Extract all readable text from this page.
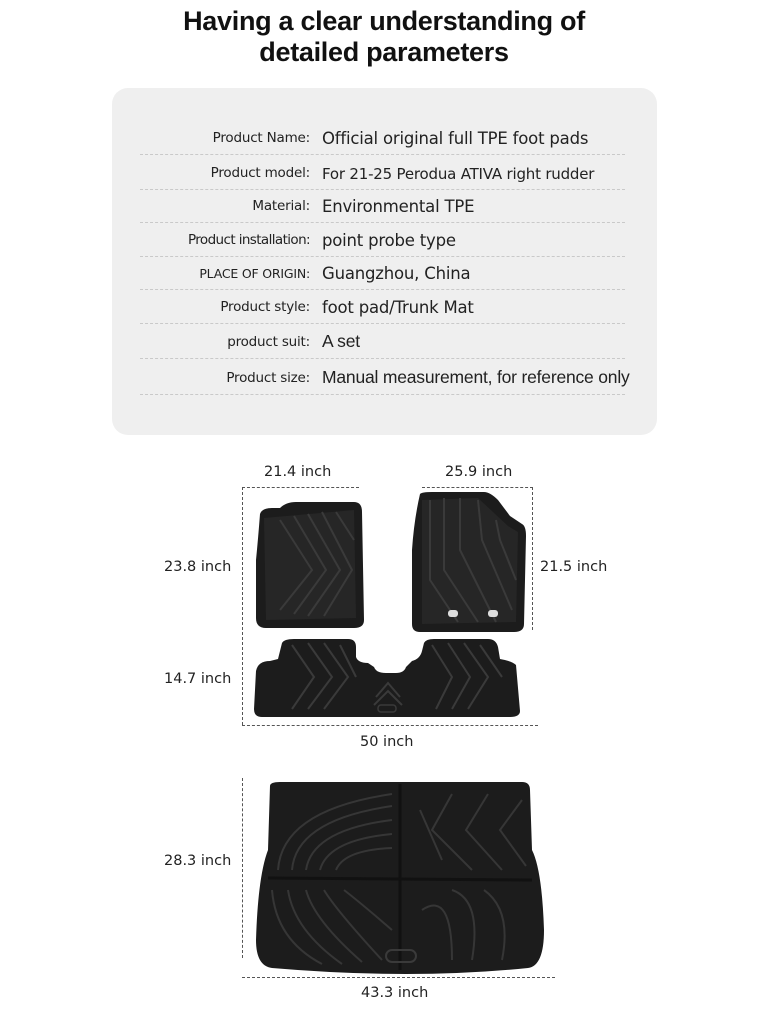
Having a clear understanding of
detailed parameters
Product Name: Official original full TPE foot pads
Product model: For 21-25 Perodua ATIVA right rudder
Material: Environmental TPE
Product installation: point probe type
PLACE OF ORIGIN: Guangzhou, China
Product style: foot pad/Trunk Mat
product suit: A set
Product size: Manual measurement, for reference only
21.4 inch	25.9 inch
23.8 inch	21.5 inch
14.7 inch
50 inch
28.3 inch
43.3 inch
